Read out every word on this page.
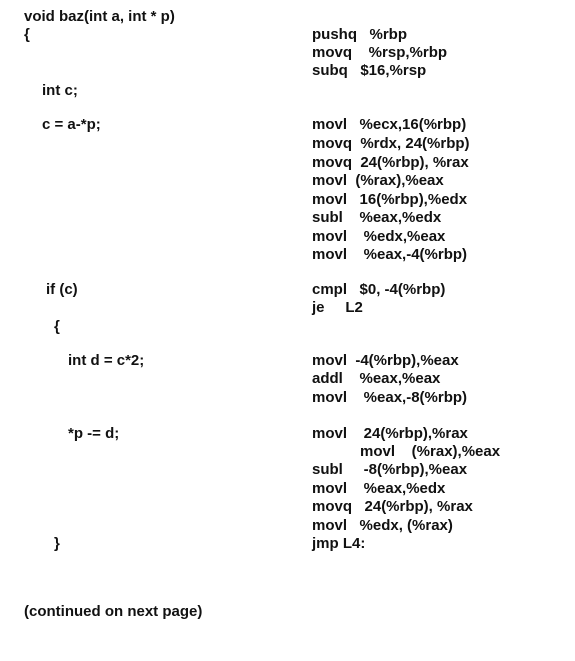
void baz(int a, int * p)
{
int c;
c = a-*p;
if (c)
{
int d = c*2;
*p -= d;
}
pushq   %rbp
movq    %rsp,%rbp
subq   $16,%rsp
movl   %ecx,16(%rbp)
movq  %rdx, 24(%rbp)
movq  24(%rbp), %rax
movl  (%rax),%eax
movl   16(%rbp),%edx
subl    %eax,%edx
movl    %edx,%eax
movl    %eax,-4(%rbp)
cmpl   $0, -4(%rbp)
je     L2
movl  -4(%rbp),%eax
addl    %eax,%eax
movl    %eax,-8(%rbp)
movl    24(%rbp),%rax
movl    (%rax),%eax
subl     -8(%rbp),%eax
movl    %eax,%edx
movq   24(%rbp), %rax
movl   %edx, (%rax)
jmp L4:
(continued on next page)
